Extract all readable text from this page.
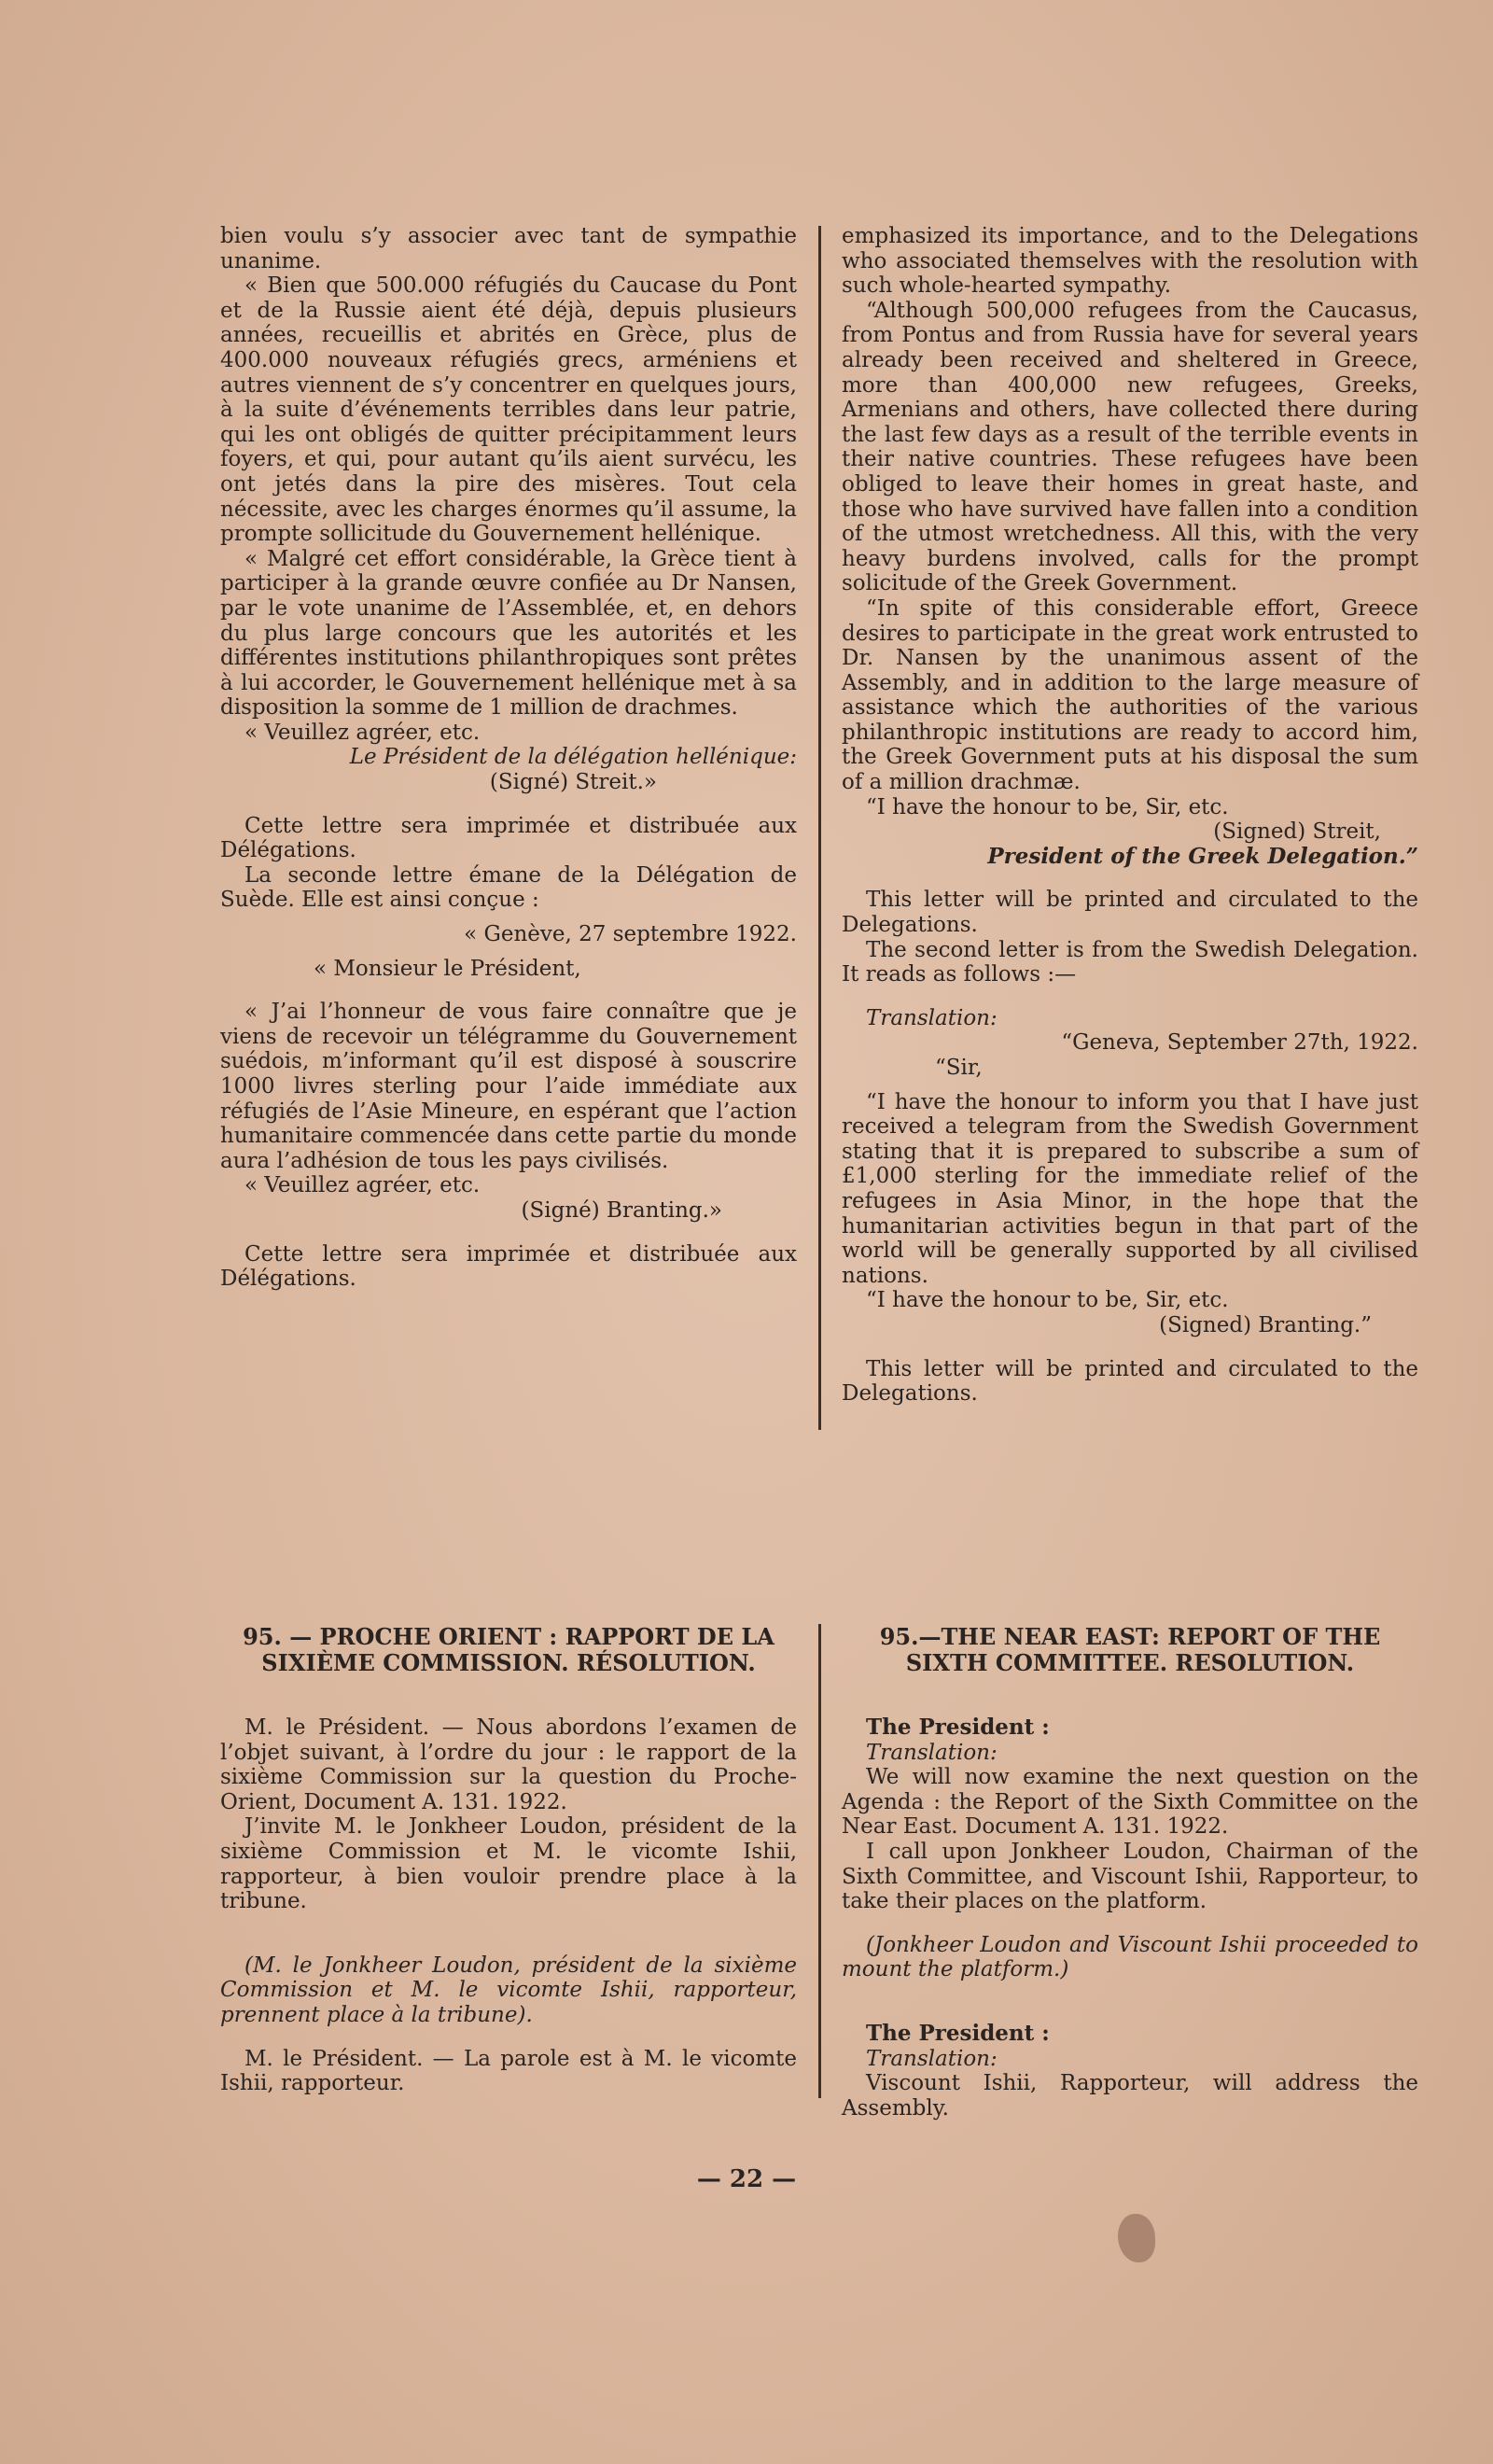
bien voulu s’y associer avec tant de sympathie unanime.

« Bien que 500.000 réfugiés du Caucase du Pont et de la Russie aient été déjà, depuis plusieurs années, recueillis et abrités en Grèce, plus de 400.000 nouveaux réfugiés grecs, arméniens et autres viennent de s’y concentrer en quelques jours, à la suite d’événements terribles dans leur patrie, qui les ont obligés de quitter précipitamment leurs foyers, et qui, pour autant qu’ils aient survécu, les ont jetés dans la pire des misères. Tout cela nécessite, avec les charges énormes qu’il assume, la prompte sollicitude du Gouvernement hellénique.

« Malgré cet effort considérable, la Grèce tient à participer à la grande œuvre confiée au Dr Nansen, par le vote unanime de l’Assemblée, et, en dehors du plus large concours que les autorités et les différentes institutions philanthropiques sont prêtes à lui accorder, le Gouvernement hellénique met à sa disposition la somme de 1 million de drachmes.

« Veuillez agréer, etc.

Le Président de la délégation hellénique:

(Signé) Streit.»

Cette lettre sera imprimée et distribuée aux Délégations.

La seconde lettre émane de la Délégation de Suède. Elle est ainsi conçue :

« Genève, 27 septembre 1922.

« Monsieur le Président,

« J’ai l’honneur de vous faire connaître que je viens de recevoir un télégramme du Gouvernement suédois, m’informant qu’il est disposé à souscrire 1000 livres sterling pour l’aide immédiate aux réfugiés de l’Asie Mineure, en espérant que l’action humanitaire commencée dans cette partie du monde aura l’adhésion de tous les pays civilisés.

« Veuillez agréer, etc.

(Signé) Branting.»

Cette lettre sera imprimée et distribuée aux Délégations.

emphasized its importance, and to the Delegations who associated themselves with the resolution with such whole-hearted sympathy.

“Although 500,000 refugees from the Caucasus, from Pontus and from Russia have for several years already been received and sheltered in Greece, more than 400,000 new refugees, Greeks, Armenians and others, have collected there during the last few days as a result of the terrible events in their native countries. These refugees have been obliged to leave their homes in great haste, and those who have survived have fallen into a condition of the utmost wretchedness. All this, with the very heavy burdens involved, calls for the prompt solicitude of the Greek Government.

“In spite of this considerable effort, Greece desires to participate in the great work entrusted to Dr. Nansen by the unanimous assent of the Assembly, and in addition to the large measure of assistance which the authorities of the various philanthropic institutions are ready to accord him, the Greek Government puts at his disposal the sum of a million drachmæ.

“I have the honour to be, Sir, etc.

(Signed) Streit,

President of the Greek Delegation.”

This letter will be printed and circulated to the Delegations.

The second letter is from the Swedish Delegation. It reads as follows :—

Translation:

“Geneva, September 27th, 1922.

“Sir,

“I have the honour to inform you that I have just received a telegram from the Swedish Government stating that it is prepared to subscribe a sum of £1,000 sterling for the immediate relief of the refugees in Asia Minor, in the hope that the humanitarian activities begun in that part of the world will be generally supported by all civilised nations.

“I have the honour to be, Sir, etc.

(Signed) Branting.”

This letter will be printed and circulated to the Delegations.

95. — PROCHE ORIENT : RAPPORT DE LA SIXIÈME COMMISSION. RÉSOLUTION.

M. le Président. — Nous abordons l’examen de l’objet suivant, à l’ordre du jour : le rapport de la sixième Commission sur la question du Proche-Orient, Document A. 131. 1922.

J’invite M. le Jonkheer Loudon, président de la sixième Commission et M. le vicomte Ishii, rapporteur, à bien vouloir prendre place à la tribune.

(M. le Jonkheer Loudon, président de la sixième Commission et M. le vicomte Ishii, rapporteur, prennent place à la tribune).

M. le Président. — La parole est à M. le vicomte Ishii, rapporteur.

95.—THE NEAR EAST: REPORT OF THE SIXTH COMMITTEE. RESOLUTION.

The President :

Translation:

We will now examine the next question on the Agenda : the Report of the Sixth Committee on the Near East. Document A. 131. 1922.

I call upon Jonkheer Loudon, Chairman of the Sixth Committee, and Viscount Ishii, Rapporteur, to take their places on the platform.

(Jonkheer Loudon and Viscount Ishii proceeded to mount the platform.)

The President :

Translation:

Viscount Ishii, Rapporteur, will address the Assembly.

— 22 —
